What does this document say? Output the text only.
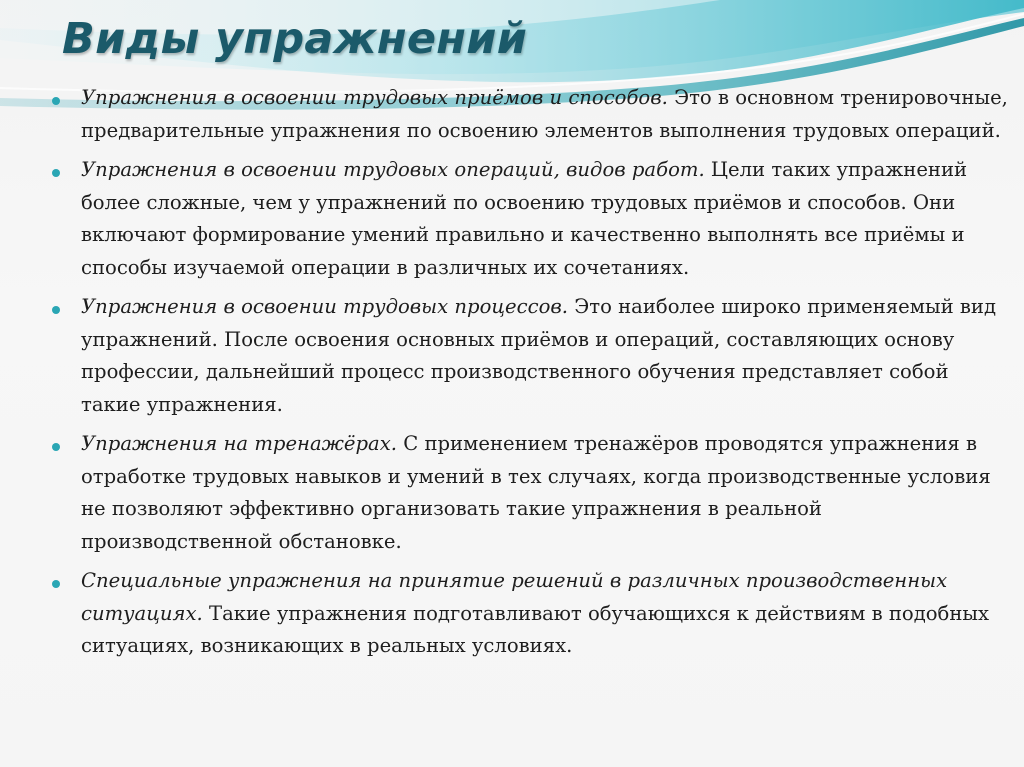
Виды упражнений
Упражнения в освоении трудовых приёмов и способов. Это в основном тренировочные, предварительные упражнения по освоению элементов выполнения трудовых операций.
Упражнения в освоении трудовых операций, видов работ. Цели таких упражнений более сложные, чем у упражнений по освоению трудовых приёмов и способов. Они включают формирование умений правильно и качественно выполнять все приёмы и способы изучаемой операции в различных их сочетаниях.
Упражнения в освоении трудовых процессов. Это наиболее широко применяемый вид упражнений. После освоения основных приёмов и операций, составляющих основу профессии, дальнейший процесс производственного обучения представляет собой такие упражнения.
Упражнения на тренажёрах. С применением тренажёров проводятся упражнения в отработке трудовых навыков и умений в тех случаях, когда производственные условия не позволяют эффективно организовать такие упражнения в реальной производственной обстановке.
Специальные упражнения на принятие решений в различных производственных ситуациях. Такие упражнения подготавливают обучающихся к действиям в подобных ситуациях, возникающих в реальных условиях.
